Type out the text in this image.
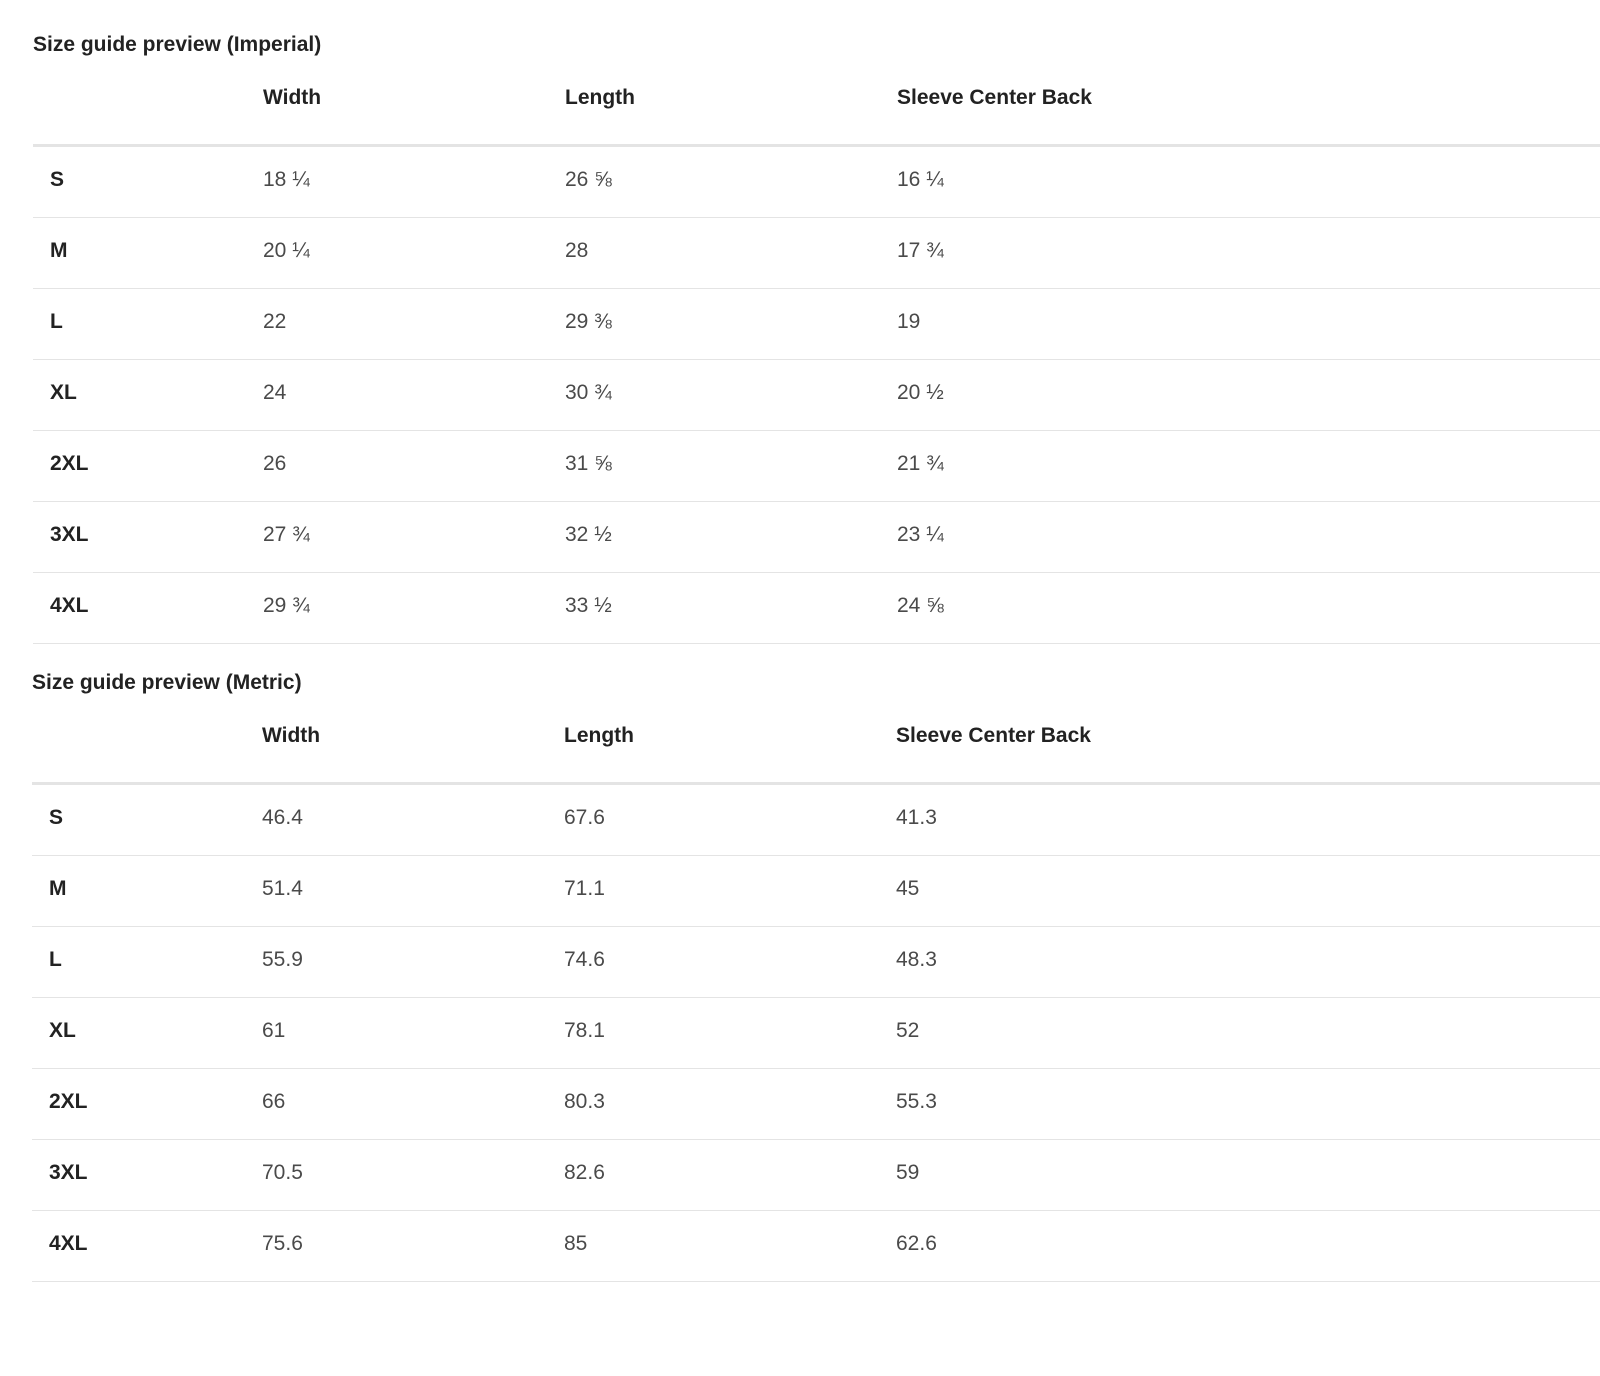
Size guide preview (Imperial)
Width	Length	Sleeve Center Back
S	18 ¼	26 ⅝	16 ¼
M	20 ¼	28	17 ¾
L	22	29 ⅜	19
XL	24	30 ¾	20 ½
2XL	26	31 ⅝	21 ¾
3XL	27 ¾	32 ½	23 ¼
4XL	29 ¾	33 ½	24 ⅝
Size guide preview (Metric)
Width	Length	Sleeve Center Back
S	46.4	67.6	41.3
M	51.4	71.1	45
L	55.9	74.6	48.3
XL	61	78.1	52
2XL	66	80.3	55.3
3XL	70.5	82.6	59
4XL	75.6	85	62.6
